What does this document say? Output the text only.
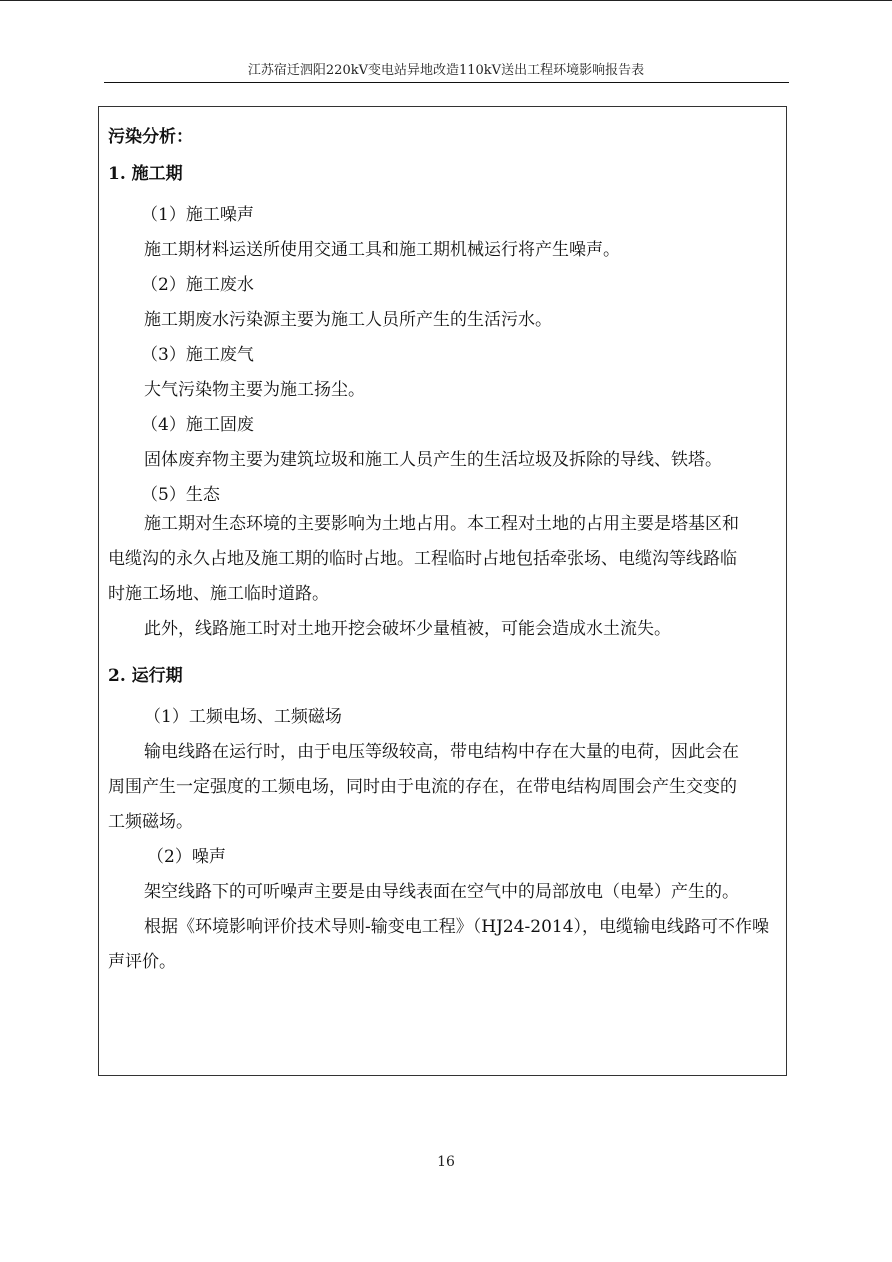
江苏宿迁泗阳220kV变电站异地改造110kV送出工程环境影响报告表
污染分析：
1. 施工期
（1）施工噪声
施工期材料运送所使用交通工具和施工期机械运行将产生噪声。
（2）施工废水
施工期废水污染源主要为施工人员所产生的生活污水。
（3）施工废气
大气污染物主要为施工扬尘。
（4）施工固废
固体废弃物主要为建筑垃圾和施工人员产生的生活垃圾及拆除的导线、铁塔。
（5）生态
施工期对生态环境的主要影响为土地占用。本工程对土地的占用主要是塔基区和
电缆沟的永久占地及施工期的临时占地。工程临时占地包括牵张场、电缆沟等线路临
时施工场地、施工临时道路。
此外，线路施工时对土地开挖会破坏少量植被，可能会造成水土流失。
2. 运行期
（1）工频电场、工频磁场
输电线路在运行时，由于电压等级较高，带电结构中存在大量的电荷，因此会在
周围产生一定强度的工频电场，同时由于电流的存在，在带电结构周围会产生交变的
工频磁场。
（2）噪声
架空线路下的可听噪声主要是由导线表面在空气中的局部放电（电晕）产生的。
根据《环境影响评价技术导则-输变电工程》（HJ24-2014），电缆输电线路可不作噪
声评价。
16
